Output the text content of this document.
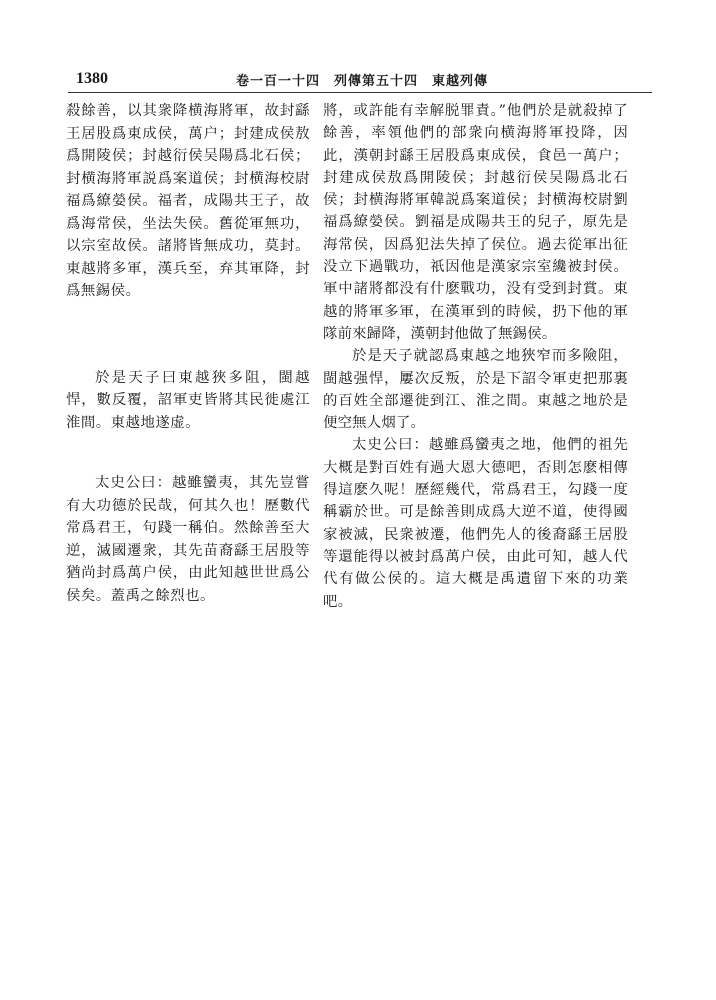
1380	卷一百一十四　列傳第五十四　東越列傳

殺餘善，以其衆降横海將軍，故封繇王居股爲東成侯，萬户；封建成侯敖爲開陵侯；封越衍侯吴陽爲北石侯；封横海將軍説爲案道侯；封横海校尉福爲繚嫈侯。福者，成陽共王子，故爲海常侯，坐法失侯。舊從軍無功，以宗室故侯。諸將皆無成功，莫封。東越將多軍，漢兵至，弃其軍降，封爲無錫侯。

於是天子曰東越狹多阻，閩越悍，數反覆，詔軍吏皆將其民徙處江淮間。東越地遂虚。

太史公曰：越雖蠻夷，其先豈嘗有大功德於民哉，何其久也！歷數代常爲君王，句踐一稱伯。然餘善至大逆，滅國遷衆，其先苗裔繇王居股等猶尚封爲萬户侯，由此知越世世爲公侯矣。蓋禹之餘烈也。

將，或許能有幸解脱罪責。”他們於是就殺掉了餘善，率領他們的部衆向横海將軍投降，因此，漢朝封繇王居股爲東成侯，食邑一萬户；封建成侯敖爲開陵侯；封越衍侯吴陽爲北石侯；封横海將軍韓説爲案道侯；封横海校尉劉福爲繚嫈侯。劉福是成陽共王的兒子，原先是海常侯，因爲犯法失掉了侯位。過去從軍出征没立下過戰功，祇因他是漢家宗室纔被封侯。軍中諸將都没有什麽戰功，没有受到封賞。東越的將軍多軍，在漢軍到的時候，扔下他的軍隊前來歸降，漢朝封他做了無錫侯。

於是天子就認爲東越之地狹窄而多險阻，閩越强悍，屢次反叛，於是下詔令軍吏把那裏的百姓全部遷徙到江、淮之間。東越之地於是便空無人烟了。

太史公曰：越雖爲蠻夷之地，他們的祖先大概是對百姓有過大恩大德吧，否則怎麽相傳得這麽久呢！歷經幾代，常爲君王，勾踐一度稱霸於世。可是餘善則成爲大逆不道，使得國家被滅，民衆被遷，他們先人的後裔繇王居股等還能得以被封爲萬户侯，由此可知，越人代代有做公侯的。這大概是禹遺留下來的功業吧。
